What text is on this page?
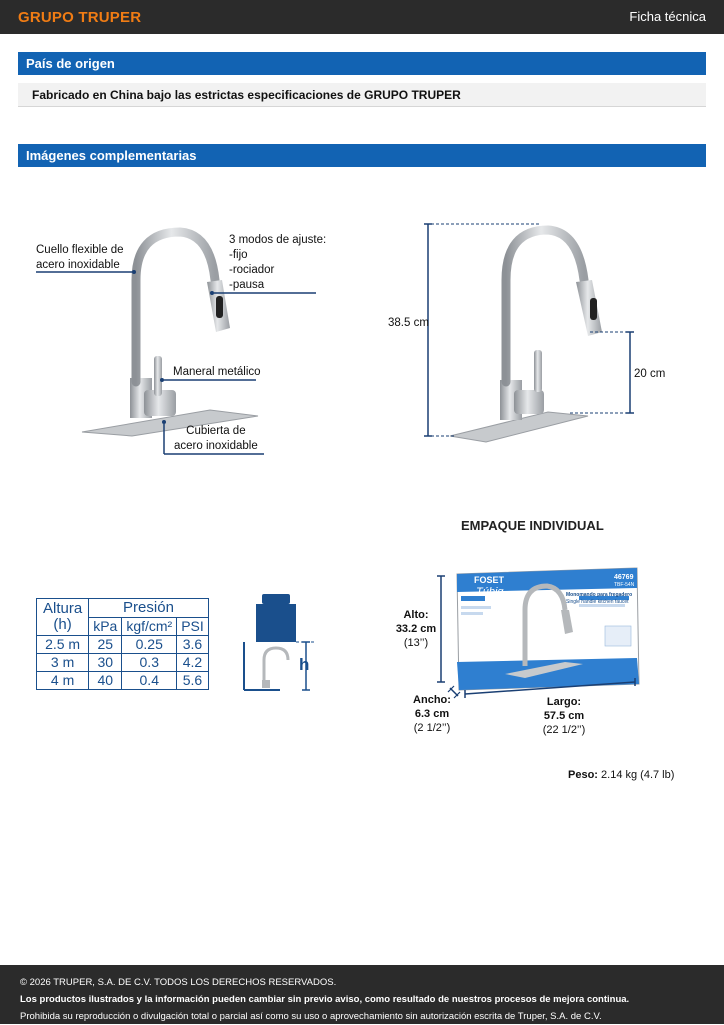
GRUPO TRUPER	Ficha técnica
País de origen
Fabricado en China bajo las estrictas especificaciones de GRUPO TRUPER
Imágenes complementarias
Cuello flexible de
acero inoxidable
3 modos de ajuste:
-fijo
-rociador
-pausa
Maneral metálico
Cubierta de
acero inoxidable
38.5 cm
20 cm
Altura
(h)	Presión		
	kPa	kgf/cm²	PSI
2.5 m	25	0.25	3.6
3 m	30	0.3	4.2
4 m	40	0.4	5.6
h
EMPAQUE INDIVIDUAL
FOSET
Túbig
46769
TBF-54N
Monomando para fregadero
Single handle kitchen faucet
Alto:
33.2 cm
(13’’)
Ancho:
6.3 cm
(2 1/2’’)
Largo:
57.5 cm
(22 1/2’’)
Peso: 2.14 kg (4.7 lb)
© 2026 TRUPER, S.A. DE C.V. TODOS LOS DERECHOS RESERVADOS.
Los productos ilustrados y la información pueden cambiar sin previo aviso, como resultado de nuestros procesos de mejora continua.
Prohibida su reproducción o divulgación total o parcial así como su uso o aprovechamiento sin autorización escrita de Truper, S.A. de C.V.
